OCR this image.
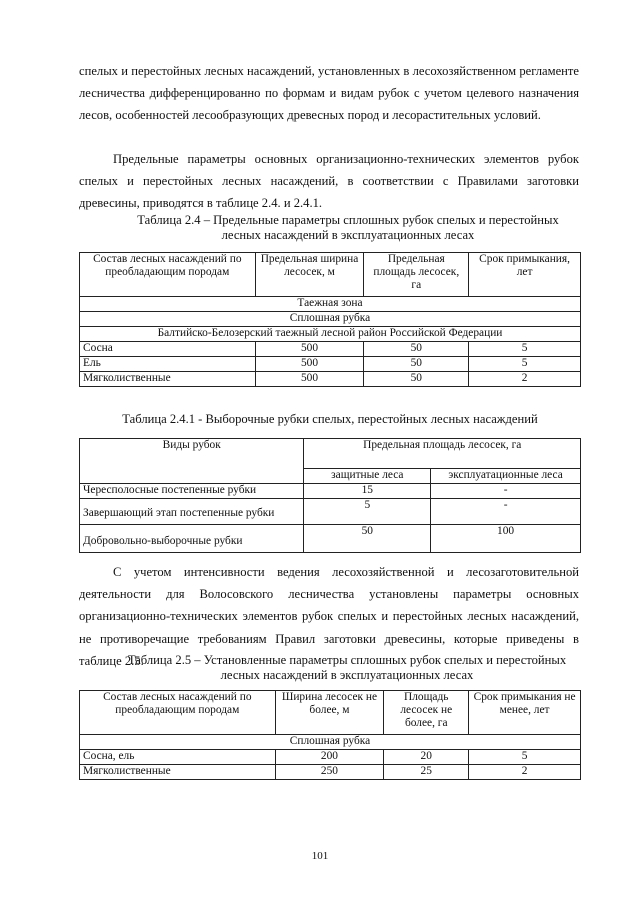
спелых и перестойных лесных насаждений, установленных в лесохозяйственном регламенте лесничества дифференцированно по формам и видам рубок с учетом целевого назначения лесов, особенностей лесообразующих древесных пород и лесорастительных условий.

Предельные параметры основных организационно-технических элементов рубок спелых и перестойных лесных насаждений, в соответствии с Правилами заготовки древесины, приводятся в таблице 2.4. и 2.4.1.

Таблица 2.4 – Предельные параметры сплошных рубок спелых и перестойных
лесных насаждений в эксплуатационных лесах

Состав лесных насаждений по преобладающим породам	Предельная ширина лесосек, м	Предельная площадь лесосек, га	Срок примыкания, лет
Таежная зона			
Сплошная рубка			
Балтийско-Белозерский таежный лесной район Российской Федерации			
Сосна	500	50	5
Ель	500	50	5
Мягколиственные	500	50	2

Таблица 2.4.1 - Выборочные рубки спелых, перестойных лесных насаждений

Виды рубок	Предельная площадь лесосек, га	
	защитные леса	эксплуатационные леса
Чересполосные постепенные рубки	15	-
Завершающий этап постепенные рубки	5	-
Добровольно-выборочные рубки	50	100

С учетом интенсивности ведения лесохозяйственной и лесозаготовительной деятельности для Волосовского лесничества установлены параметры основных организационно-технических элементов рубок спелых и перестойных лесных насаждений, не противоречащие требованиям Правил заготовки древесины, которые приведены в таблице 2.5.

Таблица 2.5 – Установленные параметры сплошных рубок спелых и перестойных
лесных насаждений в эксплуатационных лесах

Состав лесных насаждений по преобладающим породам	Ширина лесосек не более, м	Площадь лесосек не более, га	Срок примыкания не менее, лет
Сплошная рубка			
Сосна, ель	200	20	5
Мягколиственные	250	25	2
101
